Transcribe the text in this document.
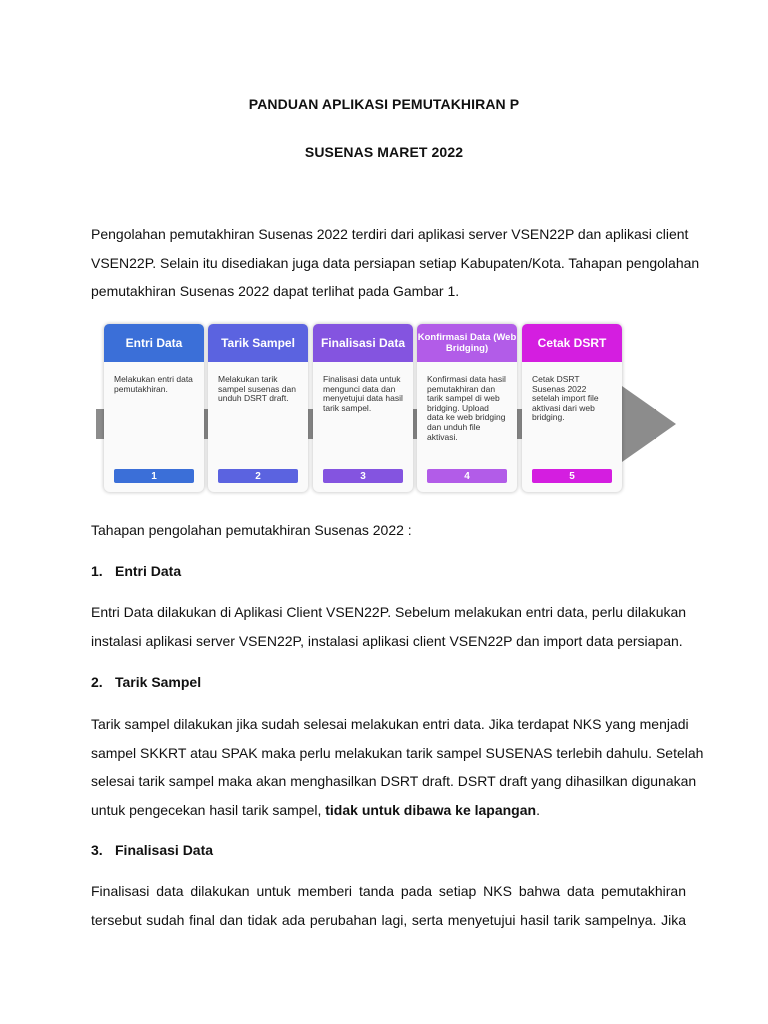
PANDUAN APLIKASI PEMUTAKHIRAN P
SUSENAS MARET 2022
Pengolahan pemutakhiran Susenas 2022 terdiri dari aplikasi server VSEN22P dan aplikasi client
VSEN22P. Selain itu disediakan juga data persiapan setiap Kabupaten/Kota. Tahapan pengolahan
pemutakhiran Susenas 2022 dapat terlihat pada Gambar 1.
Entri Data
Melakukan entri data pemutakhiran.
1
Tarik Sampel
Melakukan tarik sampel susenas dan unduh DSRT draft.
2
Finalisasi Data
Finalisasi data untuk mengunci data dan menyetujui data hasil tarik sampel.
3
Konfirmasi Data (Web Bridging)
Konfirmasi data hasil pemutakhiran dan tarik sampel di web bridging. Upload data ke web bridging dan unduh file aktivasi.
4
Cetak DSRT
Cetak DSRT Susenas 2022 setelah import file aktivasi dari web bridging.
5
Tahapan pengolahan pemutakhiran Susenas 2022 :
1. Entri Data
Entri Data dilakukan di Aplikasi Client VSEN22P. Sebelum melakukan entri data, perlu dilakukan
instalasi aplikasi server VSEN22P, instalasi aplikasi client VSEN22P dan import data persiapan.
2. Tarik Sampel
Tarik sampel dilakukan jika sudah selesai melakukan entri data. Jika terdapat NKS yang menjadi
sampel SKKRT atau SPAK maka perlu melakukan tarik sampel SUSENAS terlebih dahulu. Setelah
selesai tarik sampel maka akan menghasilkan DSRT draft. DSRT draft yang dihasilkan digunakan
untuk pengecekan hasil tarik sampel, tidak untuk dibawa ke lapangan.
3. Finalisasi Data
Finalisasi data dilakukan untuk memberi tanda pada setiap NKS bahwa data pemutakhiran
tersebut sudah final dan tidak ada perubahan lagi, serta menyetujui hasil tarik sampelnya. Jika
